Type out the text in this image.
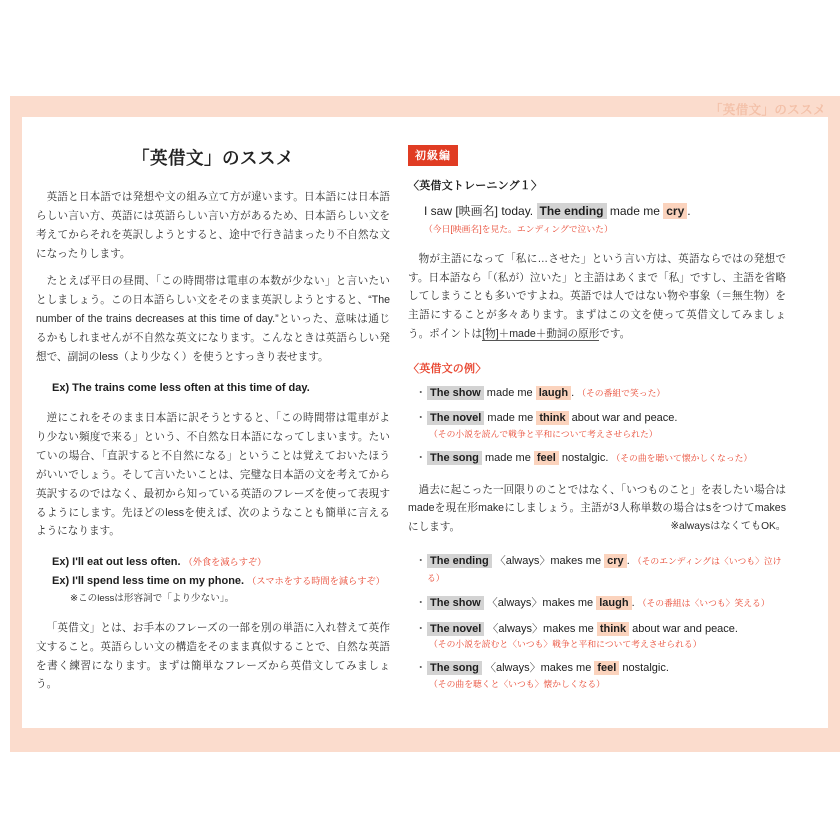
「英借文」のススメ
「英借文」のススメ

英語と日本語では発想や文の組み立て方が違います。日本語には日本語らしい言い方、英語には英語らしい言い方があるため、日本語らしい文を考えてからそれを英訳しようとすると、途中で行き詰まったり不自然な文になったりします。

たとえば平日の昼間、「この時間帯は電車の本数が少ない」と言いたいとしましょう。この日本語らしい文をそのまま英訳しようとすると、“The number of the trains decreases at this time of day.”といった、意味は通じるかもしれませんが不自然な英文になります。こんなときは英語らしい発想で、副詞のless（より少なく）を使うとすっきり表せます。

Ex) The trains come less often at this time of day.

逆にこれをそのまま日本語に訳そうとすると、「この時間帯は電車がより少ない頻度で来る」という、不自然な日本語になってしまいます。たいていの場合、「直訳すると不自然になる」ということは覚えておいたほうがいいでしょう。そして言いたいことは、完璧な日本語の文を考えてから英訳するのではなく、最初から知っている英語のフレーズを使って表現するようにします。先ほどのlessを使えば、次のようなことも簡単に言えるようになります。

Ex) I'll eat out less often. （外食を減らすぞ）
Ex) I'll spend less time on my phone. （スマホをする時間を減らすぞ）
※このlessは形容詞で「より少ない」。

「英借文」とは、お手本のフレーズの一部を別の単語に入れ替えて英作文すること。英語らしい文の構造をそのまま真似することで、自然な英語を書く練習になります。まずは簡単なフレーズから英借文してみましょう。

初級編
〈英借文トレーニング１〉
I saw [映画名] today. The ending made me cry .
（今日[映画名]を見た。エンディングで泣いた）

物が主語になって「私に…させた」という言い方は、英語ならではの発想です。日本語なら「（私が）泣いた」と主語はあくまで「私」ですし、主語を省略してしまうことも多いですよね。英語では人ではない物や事象（＝無生物）を主語にすることが多々あります。まずはこの文を使って英借文してみましょう。ポイントは[物]＋made＋動詞の原形です。

〈英借文の例〉
･ The show made me laugh . （その番組で笑った）
･ The novel made me think about war and peace.
（その小説を読んで戦争と平和について考えさせられた）
･ The song made me feel nostalgic. （その曲を聴いて懐かしくなった）

過去に起こった一回限りのことではなく、「いつものこと」を表したい場合はmadeを現在形makeにしましょう。主語が3人称単数の場合はsをつけてmakesにします。	※alwaysはなくてもOK。

･ The ending 〈always〉makes me cry . （そのエンディングは〈いつも〉泣ける）
･ The show 〈always〉makes me laugh . （その番組は〈いつも〉笑える）
･ The novel 〈always〉makes me think about war and peace.
（その小説を読むと〈いつも〉戦争と平和について考えさせられる）
･ The song 〈always〉makes me feel nostalgic.
（その曲を聴くと〈いつも〉懐かしくなる）
